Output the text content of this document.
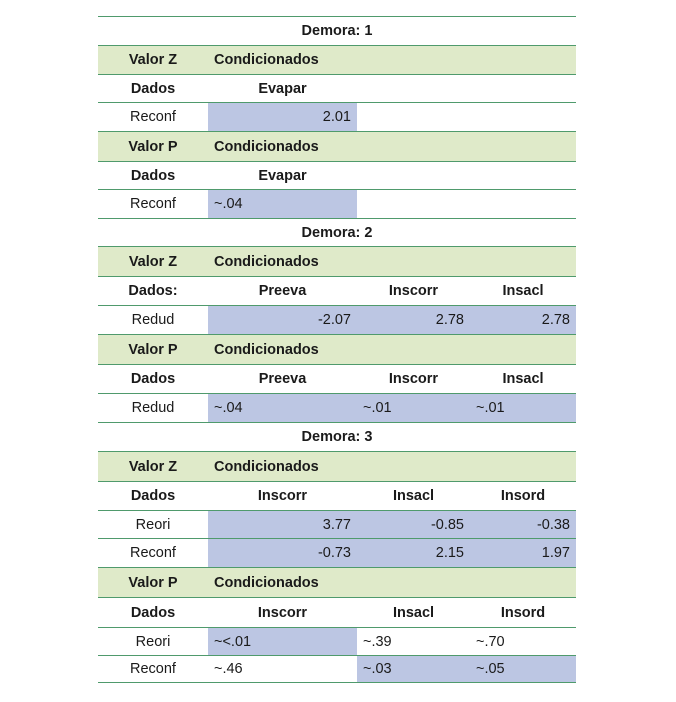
Demora: 1
Valor Z	Condicionados
Dados	Evapar
Reconf	2.01
Valor P	Condicionados
Dados	Evapar
Reconf	~.04
Demora: 2
Valor Z	Condicionados
Dados:	Preeva	Inscorr	Insacl
Redud	-2.07	2.78	2.78
Valor P	Condicionados
Dados	Preeva	Inscorr	Insacl
Redud	~.04	~.01	~.01
Demora: 3
Valor Z	Condicionados
Dados	Inscorr	Insacl	Insord
Reori	3.77	-0.85	-0.38
Reconf	-0.73	2.15	1.97
Valor P	Condicionados
Dados	Inscorr	Insacl	Insord
Reori	~<.01	~.39	~.70
Reconf	~.46	~.03	~.05
